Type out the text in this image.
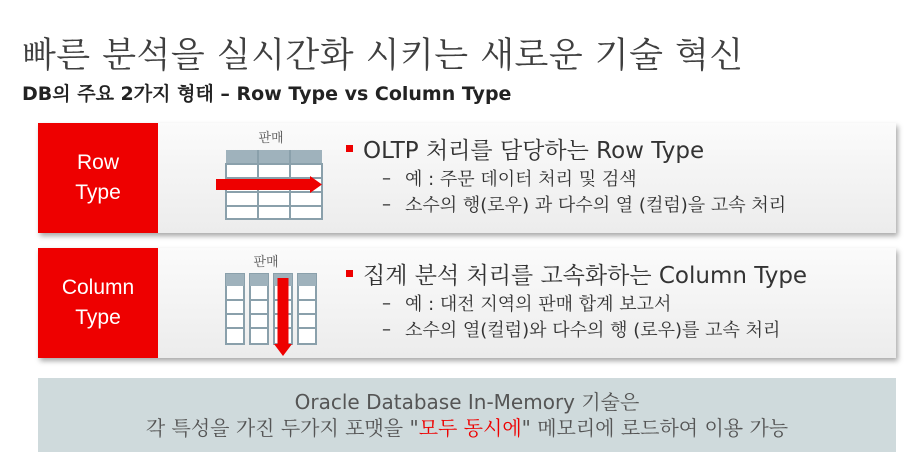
빠른 분석을 실시간화 시키는 새로운 기술 혁신
DB의 주요 2가지 형태 – Row Type vs Column Type
Row
Type
판매	OLTP 처리를 담당하는 Row Type
– 예 : 주문 데이터 처리 및 검색
– 소수의 행(로우) 과 다수의 열 (컬럼)을 고속 처리
Column
Type
판매	집계 분석 처리를 고속화하는 Column Type
– 예 : 대전 지역의 판매 합계 보고서
– 소수의 열(컬럼)와 다수의 행 (로우)를 고속 처리
Oracle Database In-Memory 기술은
각 특성을 가진 두가지 포맷을 "모두 동시에" 메모리에 로드하여 이용 가능
